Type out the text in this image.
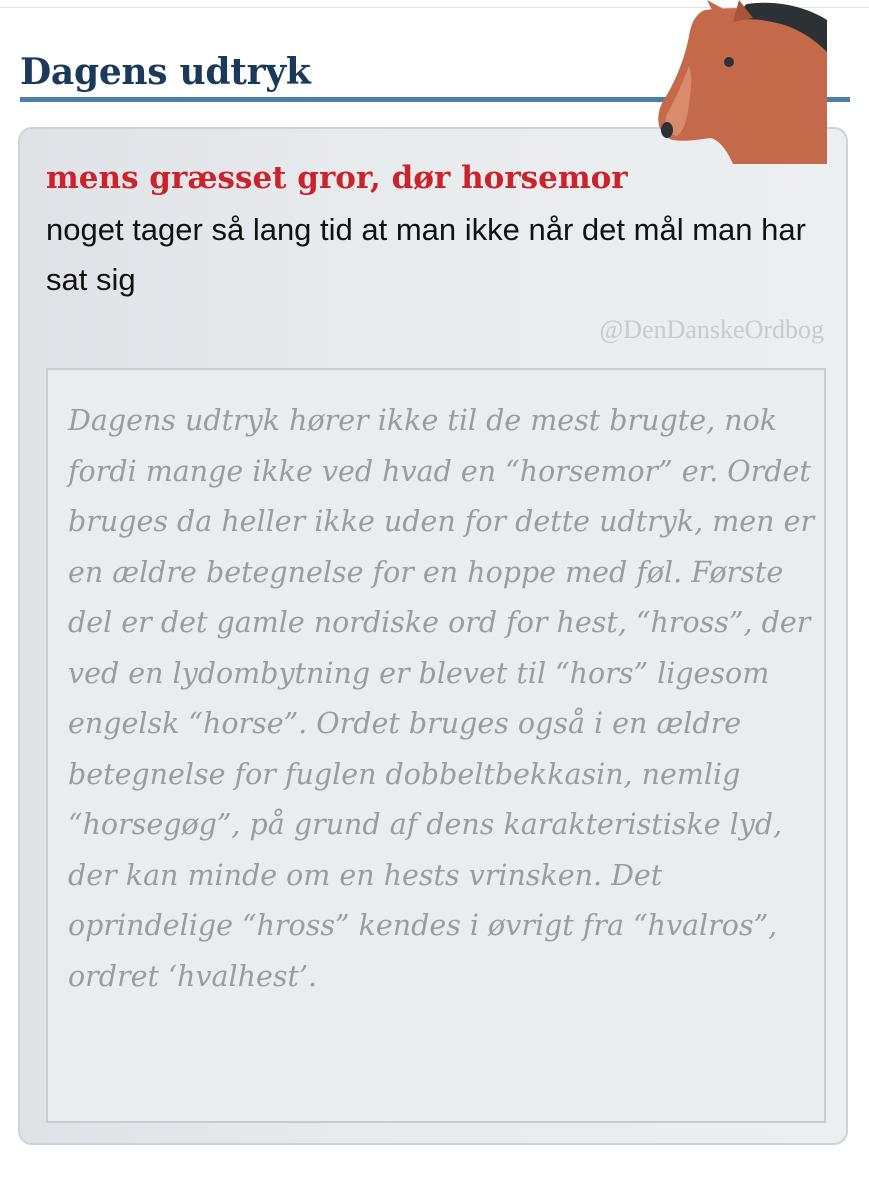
Dagens udtryk

mens græsset gror, dør horsemor

noget tager så lang tid at man ikke når det mål man har sat sig

@DenDanskeOrdbog

Dagens udtryk hører ikke til de mest brugte, nok fordi mange ikke ved hvad en “horsemor” er. Ordet bruges da heller ikke uden for dette udtryk, men er en ældre betegnelse for en hoppe med føl. Første del er det gamle nordiske ord for hest, “hross”, der ved en lydombytning er blevet til “hors” ligesom engelsk “horse”. Ordet bruges også i en ældre betegnelse for fuglen dobbeltbekkasin, nemlig “horsegøg”, på grund af dens karakteristiske lyd, der kan minde om en hests vrinsken. Det oprindelige “hross” kendes i øvrigt fra “hvalros”, ordret ‘hvalhest’.
